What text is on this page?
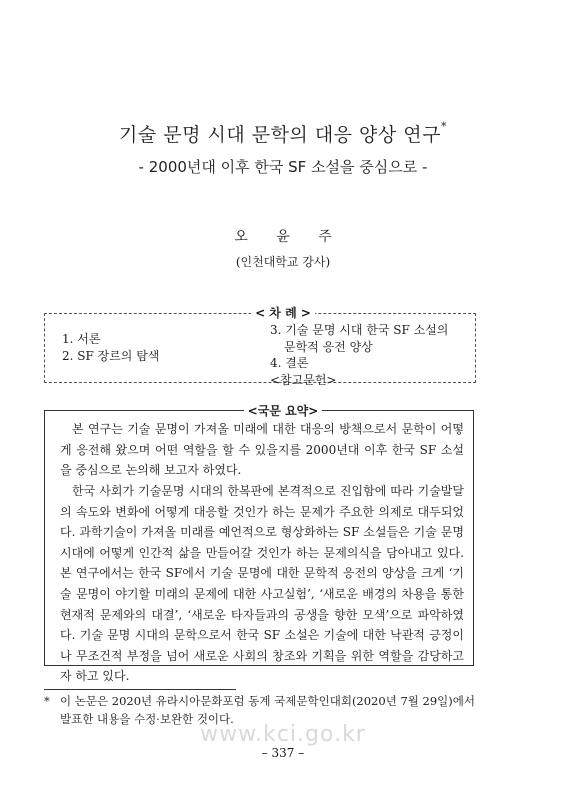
기술 문명 시대 문학의 대응 양상 연구*
- 2000년대 이후 한국 SF 소설을 중심으로 -
오 윤 주
(인천대학교 강사)
< 차 례 >
1. 서론
2. SF 장르의 탐색
3. 기술 문명 시대 한국 SF 소설의
문학적 응전 양상
4. 결론
<참고문헌>
<국문 요약>

본 연구는 기술 문명이 가져올 미래에 대한 대응의 방책으로서 문학이 어떻게 응전해 왔으며 어떤 역할을 할 수 있을지를 2000년대 이후 한국 SF 소설을 중심으로 논의해 보고자 하였다.

한국 사회가 기술문명 시대의 한복판에 본격적으로 진입함에 따라 기술발달의 속도와 변화에 어떻게 대응할 것인가 하는 문제가 주요한 의제로 대두되었다. 과학기술이 가져올 미래를 예언적으로 형상화하는 SF 소설들은 기술 문명 시대에 어떻게 인간적 삶을 만들어갈 것인가 하는 문제의식을 담아내고 있다. 본 연구에서는 한국 SF에서 기술 문명에 대한 문학적 응전의 양상을 크게 ‘기술 문명이 야기할 미래의 문제에 대한 사고실험’, ‘새로운 배경의 차용을 통한 현재적 문제와의 대결’, ‘새로운 타자들과의 공생을 향한 모색’으로 파악하였다. 기술 문명 시대의 문학으로서 한국 SF 소설은 기술에 대한 낙관적 긍정이나 무조건적 부정을 넘어 새로운 사회의 창조와 기획을 위한 역할을 감당하고자 하고 있다.

* 이 논문은 2020년 유라시아문화포럼 동계 국제문학인대회(2020년 7월 29일)에서
발표한 내용을 수정·보완한 것이다.
www.kci.go.kr
– 337 –
